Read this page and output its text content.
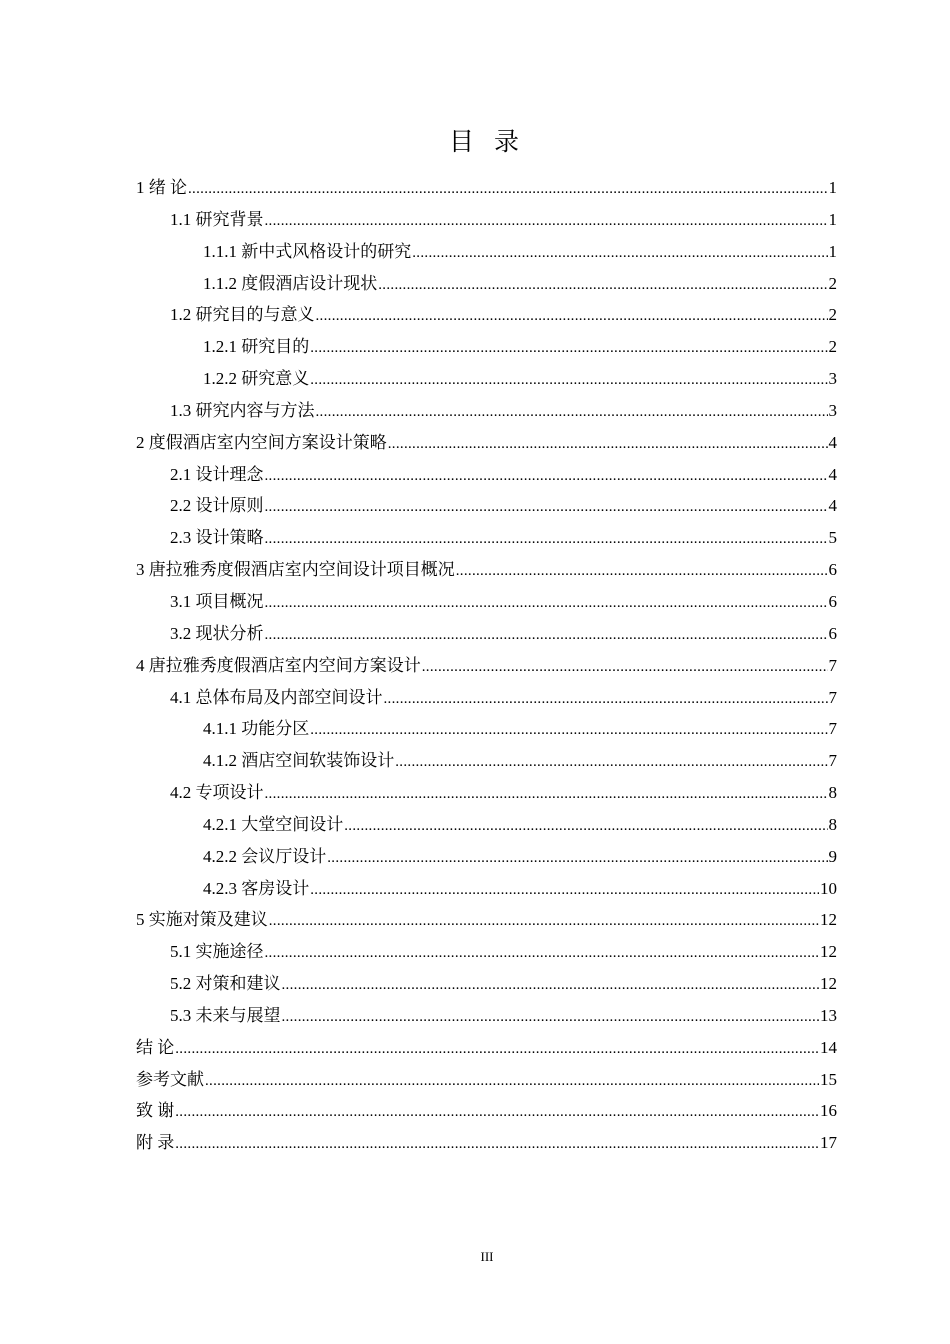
目 录
1 绪 论 .....	1
1.1 研究背景 .....	1
1.1.1 新中式风格设计的研究 .....	1
1.1.2 度假酒店设计现状 .....	2
1.2 研究目的与意义 .....	2
1.2.1 研究目的 .....	2
1.2.2 研究意义 .....	3
1.3 研究内容与方法 .....	3
2 度假酒店室内空间方案设计策略 .....	4
2.1 设计理念 .....	4
2.2 设计原则 .....	4
2.3 设计策略 .....	5
3 唐拉雅秀度假酒店室内空间设计项目概况 .....	6
3.1 项目概况 .....	6
3.2 现状分析 .....	6
4 唐拉雅秀度假酒店室内空间方案设计 .....	7
4.1 总体布局及内部空间设计 .....	7
4.1.1 功能分区 .....	7
4.1.2 酒店空间软装饰设计 .....	7
4.2 专项设计 .....	8
4.2.1 大堂空间设计 .....	8
4.2.2 会议厅设计 .....	9
4.2.3 客房设计 .....	10
5 实施对策及建议 .....	12
5.1 实施途径 .....	12
5.2 对策和建议 .....	12
5.3 未来与展望 .....	13
结 论 .....	14
参考文献 .....	15
致 谢 .....	16
附 录 .....	17
III
